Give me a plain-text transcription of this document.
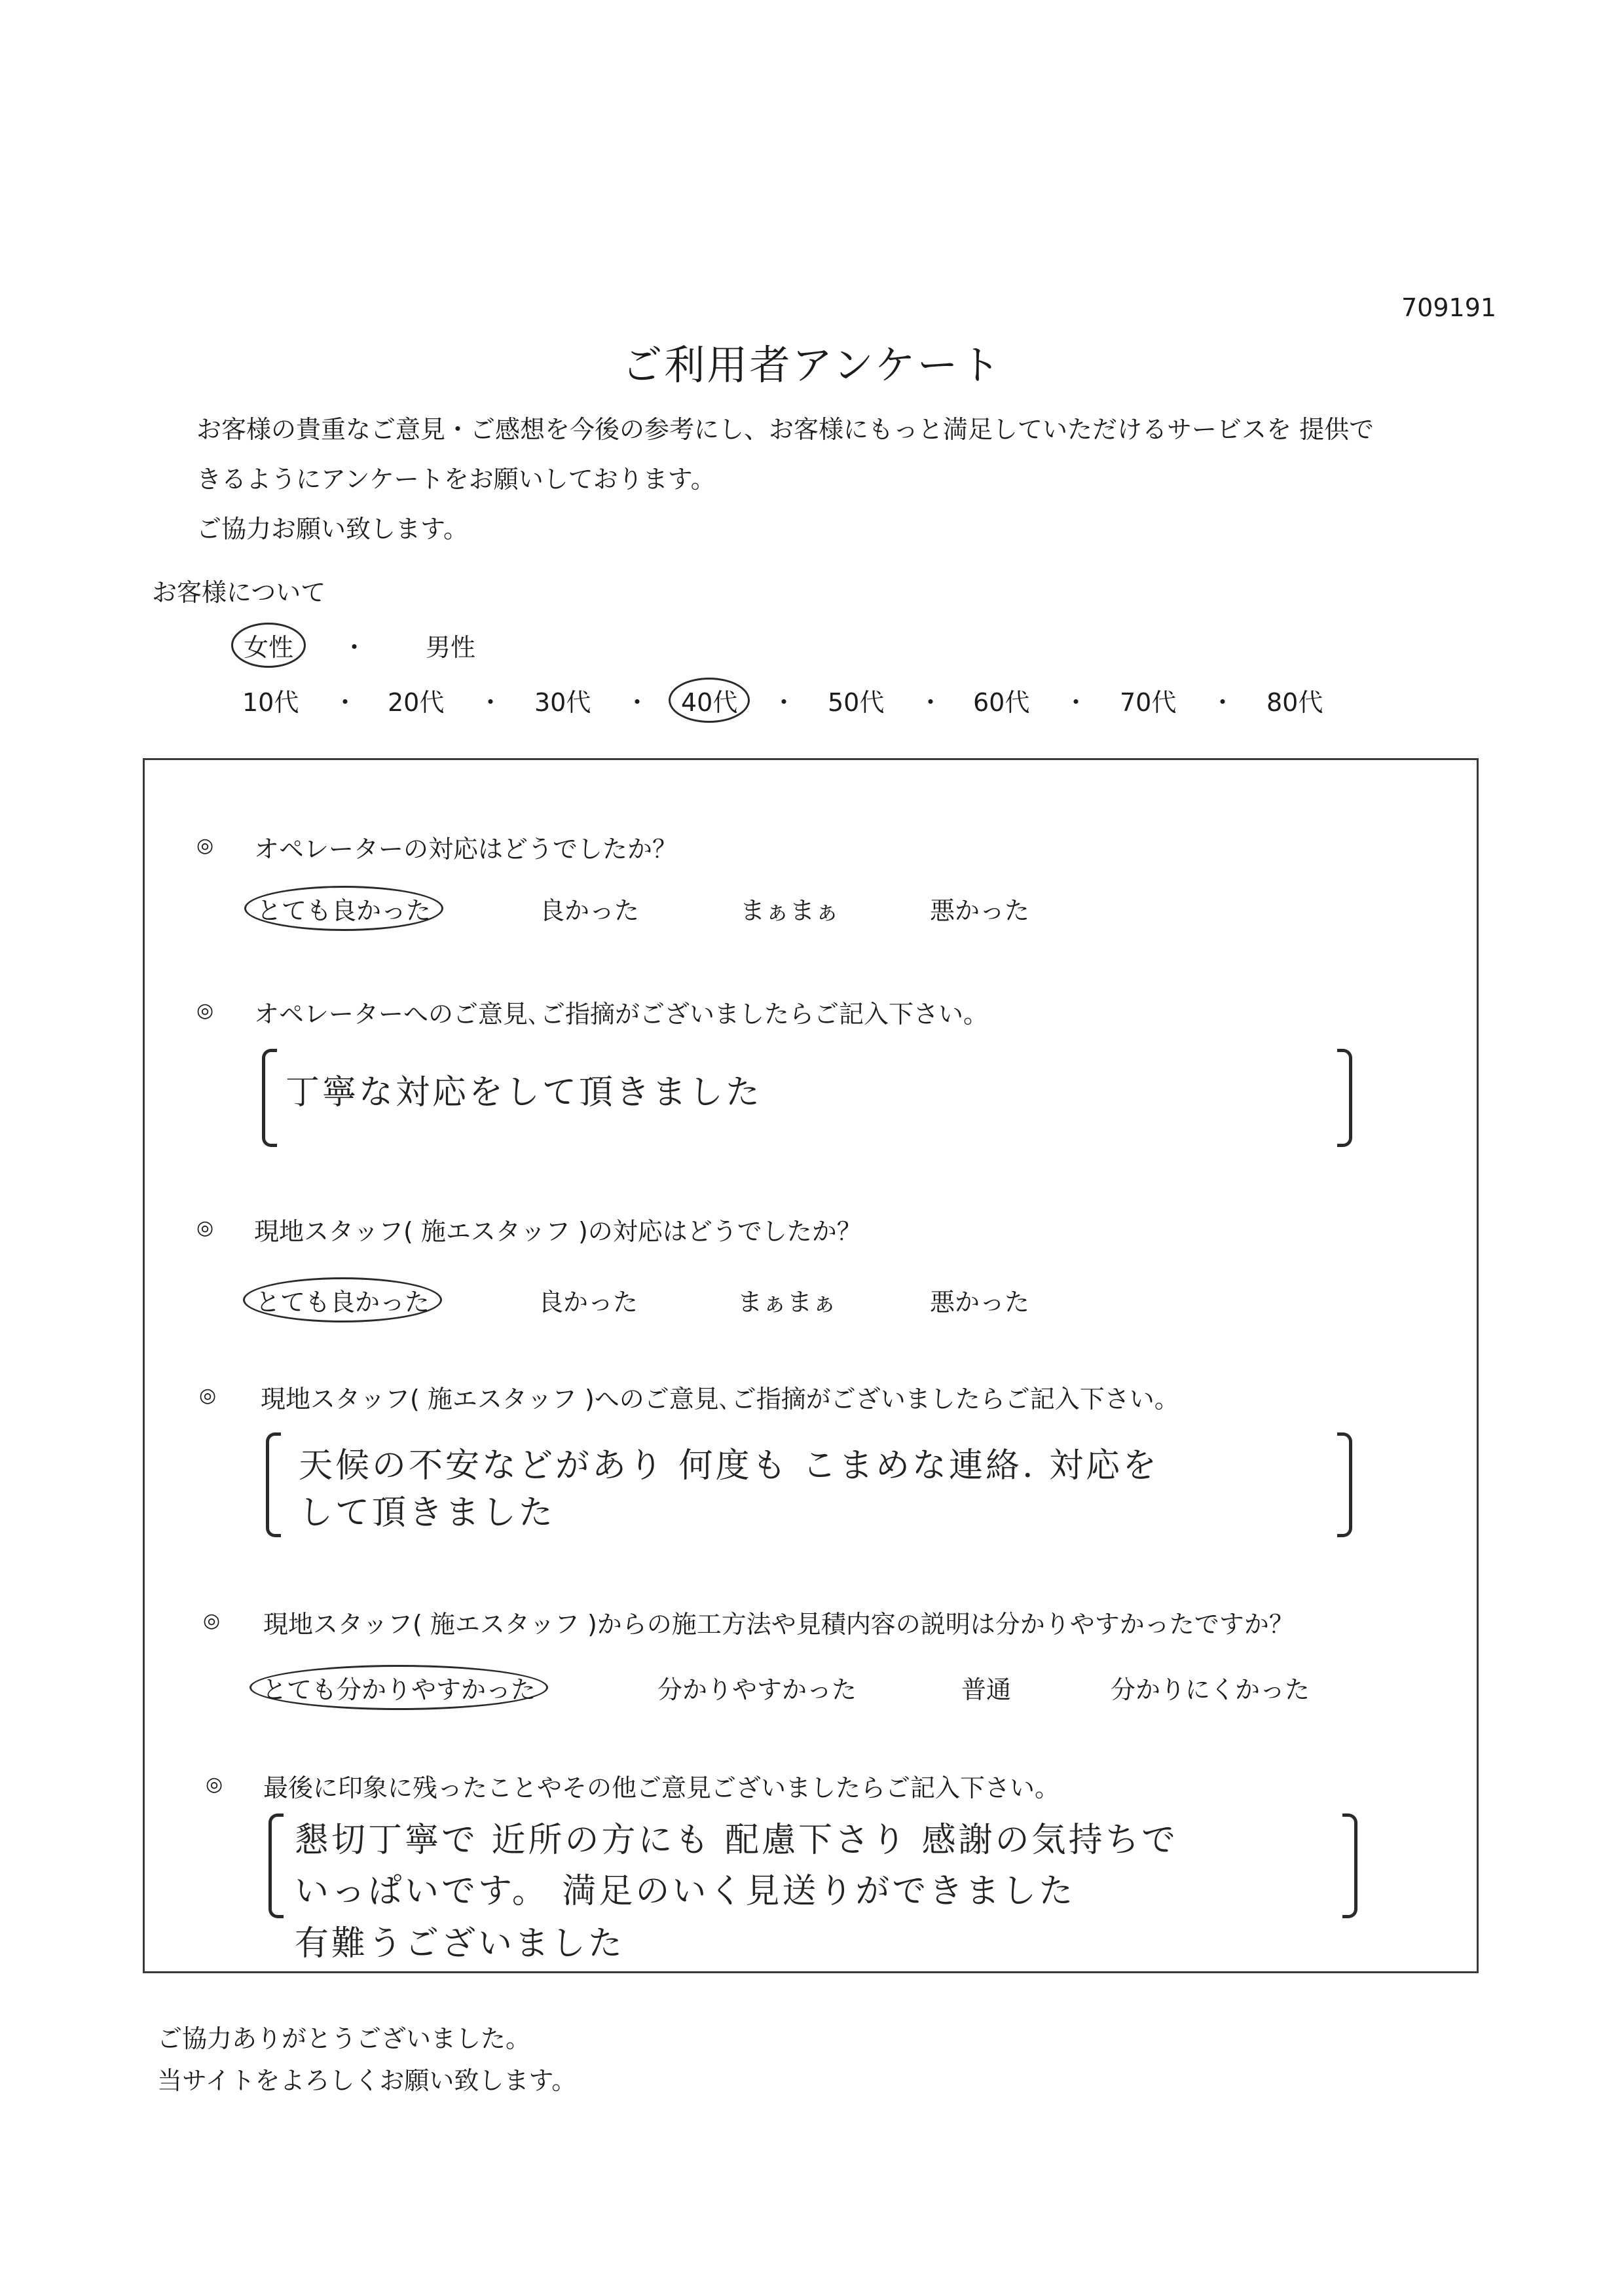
709191
ご利用者アンケート
お客様の貴重なご意見・ご感想を今後の参考にし、お客様にもっと満足していただけるサービスを 提供で
きるようにアンケートをお願いしております。
ご協力お願い致します。
お客様について
女性	・ 男性
10代 ・ 20代 ・ 30代 ・	40代	・ 50代 ・ 60代 ・ 70代 ・ 80代
◎ オペレーターの対応はどうでしたか？
とても良かった	良かった	まぁまぁ	悪かった
◎ オペレーターへのご意見､ご指摘がございましたらご記入下さい。
丁寧な対応をして頂きました
◎ 現地スタッフ( 施エスタッフ )の対応はどうでしたか？
とても良かった	良かった	まぁまぁ	悪かった
◎ 現地スタッフ( 施エスタッフ )へのご意見､ご指摘がございましたらご記入下さい。
天候の不安などがあり 何度も こまめな連絡. 対応を
して頂きました
◎ 現地スタッフ( 施エスタッフ )からの施工方法や見積内容の説明は分かりやすかったですか？
とても分かりやすかった	分かりやすかった	普通	分かりにくかった
◎ 最後に印象に残ったことやその他ご意見ございましたらご記入下さい。
懇切丁寧で 近所の方にも 配慮下さり 感謝の気持ちで
いっぱいです。 満足のいく見送りができました
有難うございました
ご協力ありがとうございました。
当サイトをよろしくお願い致します。
